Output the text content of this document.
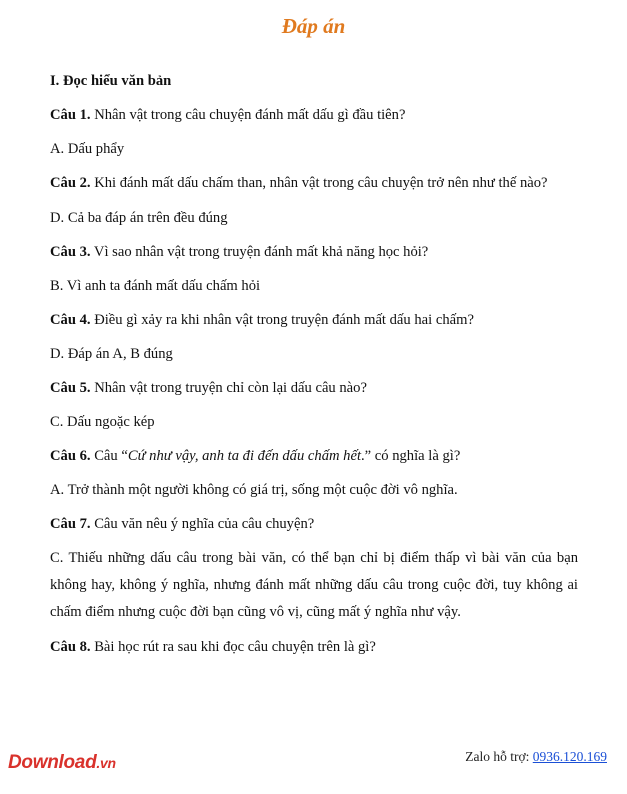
Đáp án
I. Đọc hiểu văn bản
Câu 1. Nhân vật trong câu chuyện đánh mất dấu gì đầu tiên?
A. Dấu phẩy
Câu 2. Khi đánh mất dấu chấm than, nhân vật trong câu chuyện trở nên như thế nào?
D. Cả ba đáp án trên đều đúng
Câu 3. Vì sao nhân vật trong truyện đánh mất khả năng học hỏi?
B. Vì anh ta đánh mất dấu chấm hỏi
Câu 4. Điều gì xảy ra khi nhân vật trong truyện đánh mất dấu hai chấm?
D. Đáp án A, B đúng
Câu 5. Nhân vật trong truyện chỉ còn lại dấu câu nào?
C. Dấu ngoặc kép
Câu 6. Câu “Cứ như vậy, anh ta đi đến dấu chấm hết.” có nghĩa là gì?
A. Trở thành một người không có giá trị, sống một cuộc đời vô nghĩa.
Câu 7. Câu văn nêu ý nghĩa của câu chuyện?
C. Thiếu những dấu câu trong bài văn, có thể bạn chỉ bị điểm thấp vì bài văn của bạn không hay, không ý nghĩa, nhưng đánh mất những dấu câu trong cuộc đời, tuy không ai chấm điểm nhưng cuộc đời bạn cũng vô vị, cũng mất ý nghĩa như vậy.
Câu 8. Bài học rút ra sau khi đọc câu chuyện trên là gì?
Download.vn	Zalo hỗ trợ: 0936.120.169
